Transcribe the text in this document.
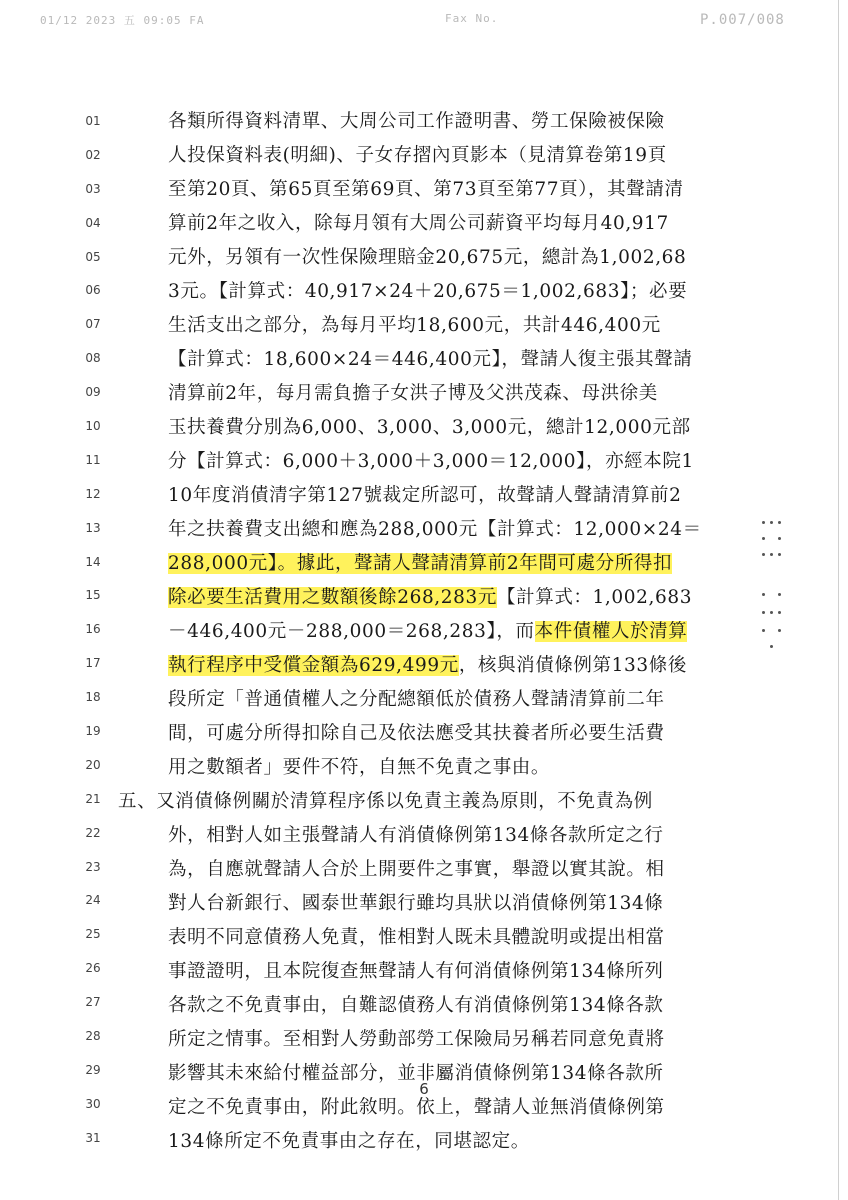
01/12 2023 五 09:05 FA	Fax No.	P.007/008
01
02
03
04
05
06
07
08
09
10
11
12
13
14
15
16
17
18
19
20
21
22
23
24
25
26
27
28
29
30
31
各類所得資料清單、大周公司工作證明書、勞工保險被保險
人投保資料表(明細)、子女存摺內頁影本（見清算卷第19頁
至第20頁、第65頁至第69頁、第73頁至第77頁），其聲請清
算前2年之收入，除每月領有大周公司薪資平均每月40,917
元外，另領有一次性保險理賠金20,675元，總計為1,002,68
3元。【計算式：40,917×24＋20,675＝1,002,683】；必要
生活支出之部分，為每月平均18,600元，共計446,400元
【計算式：18,600×24＝446,400元】，聲請人復主張其聲請
清算前2年，每月需負擔子女洪子博及父洪茂森、母洪徐美
玉扶養費分別為6,000、3,000、3,000元，總計12,000元部
分【計算式：6,000＋3,000＋3,000＝12,000】，亦經本院1
10年度消債清字第127號裁定所認可，故聲請人聲請清算前2
年之扶養費支出總和應為288,000元【計算式：12,000×24＝
288,000元】。據此，聲請人聲請清算前2年間可處分所得扣
除必要生活費用之數額後餘268,283元【計算式：1,002,683
－446,400元－288,000＝268,283】，而本件債權人於清算
執行程序中受償金額為629,499元，核與消債條例第133條後
段所定「普通債權人之分配總額低於債務人聲請清算前二年
間，可處分所得扣除自己及依法應受其扶養者所必要生活費
用之數額者」要件不符，自無不免責之事由。
五、又消債條例關於清算程序係以免責主義為原則，不免責為例
外，相對人如主張聲請人有消債條例第134條各款所定之行
為，自應就聲請人合於上開要件之事實，舉證以實其說。相
對人台新銀行、國泰世華銀行雖均具狀以消債條例第134條
表明不同意債務人免責，惟相對人既未具體說明或提出相當
事證證明，且本院復查無聲請人有何消債條例第134條所列
各款之不免責事由，自難認債務人有消債條例第134條各款
所定之情事。至相對人勞動部勞工保險局另稱若同意免責將
影響其未來給付權益部分，並非屬消債條例第134條各款所
定之不免責事由，附此敘明。依上，聲請人並無消債條例第
134條所定不免責事由之存在，同堪認定。
6
